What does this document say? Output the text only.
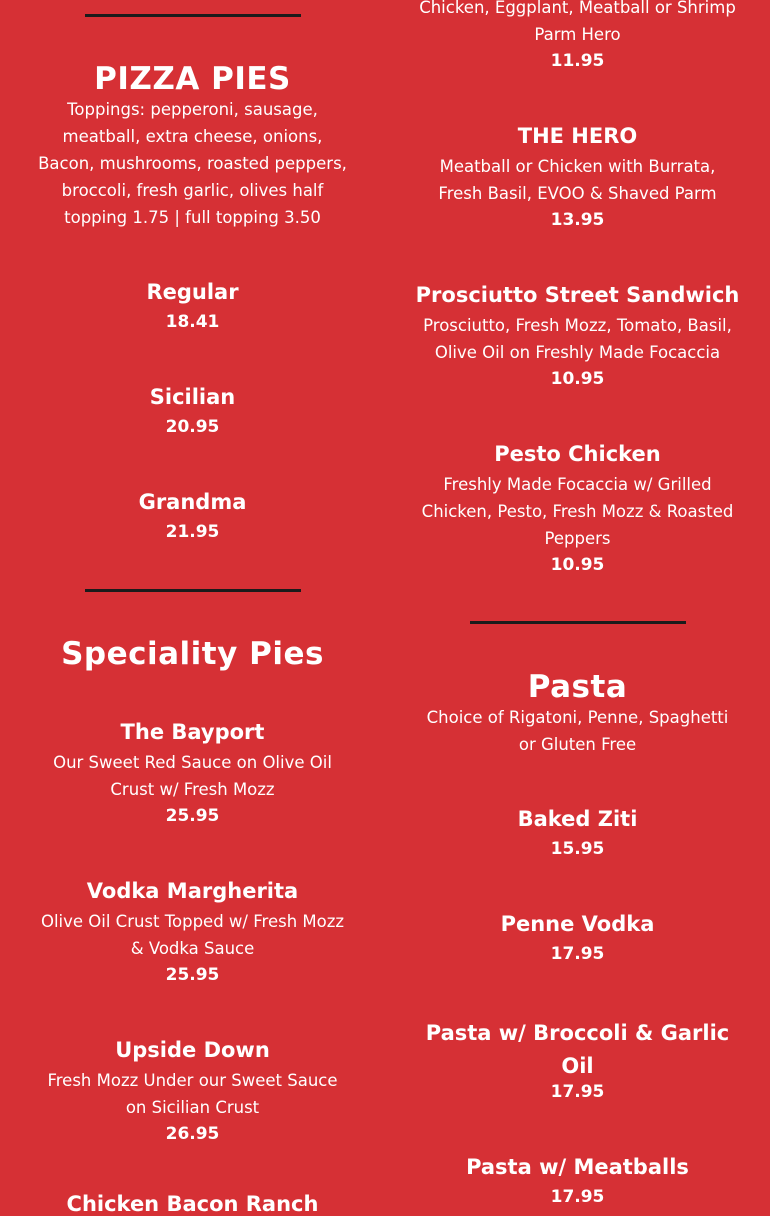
PIZZA PIES
Toppings: pepperoni, sausage, meatball, extra cheese, onions, Bacon, mushrooms, roasted peppers, broccoli, fresh garlic, olives half topping 1.75 | full topping 3.50
Regular
18.41
Sicilian
20.95
Grandma
21.95
Speciality Pies
The Bayport
Our Sweet Red Sauce on Olive Oil Crust w/ Fresh Mozz
25.95
Vodka Margherita
Olive Oil Crust Topped w/ Fresh Mozz & Vodka Sauce
25.95
Upside Down
Fresh Mozz Under our Sweet Sauce on Sicilian Crust
26.95
Chicken Bacon Ranch
Chicken, Eggplant, Meatball or Shrimp Parm Hero
11.95
THE HERO
Meatball or Chicken with Burrata, Fresh Basil, EVOO & Shaved Parm
13.95
Prosciutto Street Sandwich
Prosciutto, Fresh Mozz, Tomato, Basil, Olive Oil on Freshly Made Focaccia
10.95
Pesto Chicken
Freshly Made Focaccia w/ Grilled Chicken, Pesto, Fresh Mozz & Roasted Peppers
10.95
Pasta
Choice of Rigatoni, Penne, Spaghetti or Gluten Free
Baked Ziti
15.95
Penne Vodka
17.95
Pasta w/ Broccoli & Garlic Oil
17.95
Pasta w/ Meatballs
17.95
